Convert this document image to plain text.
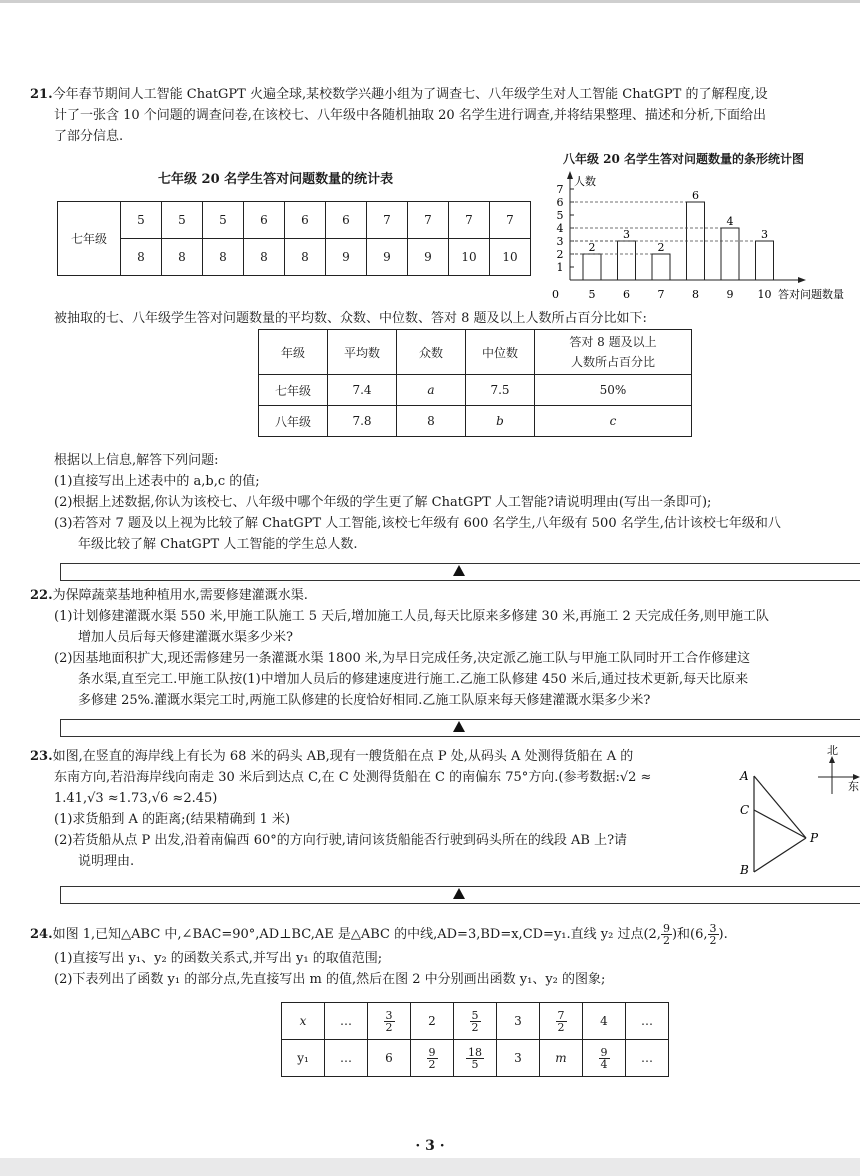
21.今年春节期间人工智能 ChatGPT 火遍全球,某校数学兴趣小组为了调查七、八年级学生对人工智能 ChatGPT 的了解程度,设
计了一张含 10 个问题的调查问卷,在该校七、八年级中各随机抽取 20 名学生进行调查,并将结果整理、描述和分析,下面给出
了部分信息.
七年级 20 名学生答对问题数量的统计表
七年级	5	5	5	6	6	6	7	7	7	7
	8	8	8	8	8	9	9	9	10	10
八年级 20 名学生答对问题数量的条形统计图
人数
答对问题数量
0
1
2
3
4
5
6
7
2
5
3
6
2
7
6
8
4
9
3
10
被抽取的七、八年级学生答对问题数量的平均数、众数、中位数、答对 8 题及以上人数所占百分比如下:
年级	平均数	众数	中位数	答对 8 题及以上
人数所占百分比

七年级	7.4	a	7.5	50%
八年级	7.8	8	b	c
根据以上信息,解答下列问题:
(1)直接写出上述表中的 a,b,c 的值;
(2)根据上述数据,你认为该校七、八年级中哪个年级的学生更了解 ChatGPT 人工智能?请说明理由(写出一条即可);
(3)若答对 7 题及以上视为比较了解 ChatGPT 人工智能,该校七年级有 600 名学生,八年级有 500 名学生,估计该校七年级和八
年级比较了解 ChatGPT 人工智能的学生总人数.
22.为保障蔬菜基地种植用水,需要修建灌溉水渠.
(1)计划修建灌溉水渠 550 米,甲施工队施工 5 天后,增加施工人员,每天比原来多修建 30 米,再施工 2 天完成任务,则甲施工队
增加人员后每天修建灌溉水渠多少米?
(2)因基地面积扩大,现还需修建另一条灌溉水渠 1800 米,为早日完成任务,决定派乙施工队与甲施工队同时开工合作修建这
条水渠,直至完工.甲施工队按(1)中增加人员后的修建速度进行施工.乙施工队修建 450 米后,通过技术更新,每天比原来
多修建 25%.灌溉水渠完工时,两施工队修建的长度恰好相同.乙施工队原来每天修建灌溉水渠多少米?
23.如图,在竖直的海岸线上有长为 68 米的码头 AB,现有一艘货船在点 P 处,从码头 A 处测得货船在 A 的
东南方向,若沿海岸线向南走 30 米后到达点 C,在 C 处测得货船在 C 的南偏东 75°方向.(参考数据:√2 ≈
1.41,√3 ≈1.73,√6 ≈2.45)
(1)求货船到 A 的距离;(结果精确到 1 米)
(2)若货船从点 P 出发,沿着南偏西 60°的方向行驶,请问该货船能否行驶到码头所在的线段 AB 上?请
说明理由.
A
C
B
P
北
东
24. 如图 1,已知△ABC 中,∠BAC=90°,AD⊥BC,AE 是△ABC 的中线,AD=3,BD=x,CD=y₁.直线 y₂ 过点 (2, $\frac{9}{2}$ )和(6, $\frac{3}{2}$ ).
(1)直接写出 y₁、y₂ 的函数关系式,并写出 y₁ 的取值范围;
(2)下表列出了函数 y₁ 的部分点,先直接写出 m 的值,然后在图 2 中分别画出函数 y₁、y₂ 的图象;
x	…	$\frac{3}{2}$	2	$\frac{5}{2}$	3	$\frac{7}{2}$	4	…
y₁	…	6	$\frac{9}{2}$	$\frac{18}{5}$	3	m	$\frac{9}{4}$	…
· 3 ·
